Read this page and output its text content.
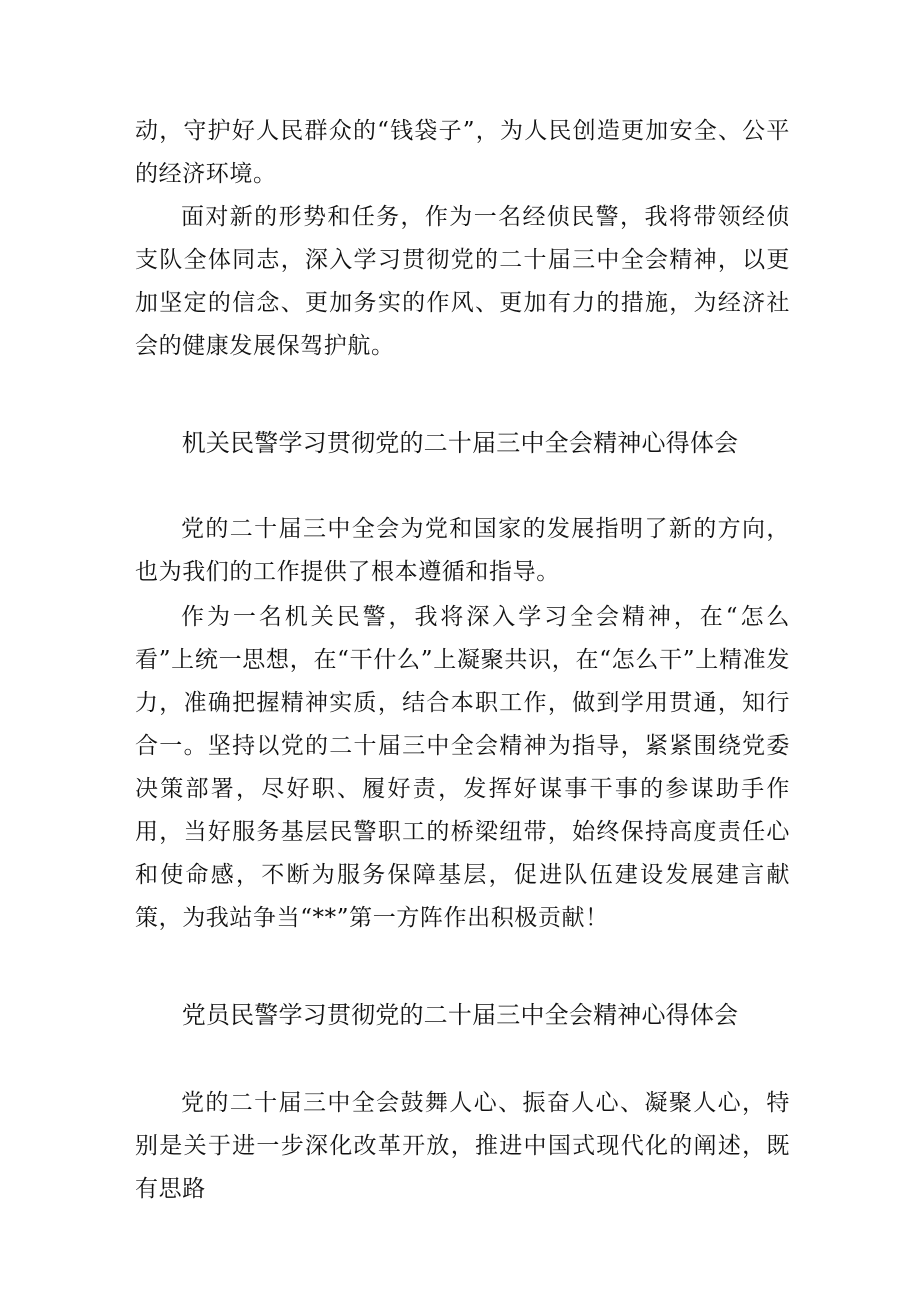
动，守护好人民群众的“钱袋子”，为人民创造更加安全、公平的经济环境。

面对新的形势和任务，作为一名经侦民警，我将带领经侦支队全体同志，深入学习贯彻党的二十届三中全会精神，以更加坚定的信念、更加务实的作风、更加有力的措施，为经济社会的健康发展保驾护航。

机关民警学习贯彻党的二十届三中全会精神心得体会

党的二十届三中全会为党和国家的发展指明了新的方向，也为我们的工作提供了根本遵循和指导。

作为一名机关民警，我将深入学习全会精神，在“怎么看”上统一思想，在“干什么”上凝聚共识，在“怎么干”上精准发力，准确把握精神实质，结合本职工作，做到学用贯通，知行合一。坚持以党的二十届三中全会精神为指导，紧紧围绕党委决策部署，尽好职、履好责，发挥好谋事干事的参谋助手作用，当好服务基层民警职工的桥梁纽带，始终保持高度责任心和使命感，不断为服务保障基层，促进队伍建设发展建言献策，为我站争当“**”第一方阵作出积极贡献！

党员民警学习贯彻党的二十届三中全会精神心得体会

党的二十届三中全会鼓舞人心、振奋人心、凝聚人心，特别是关于进一步深化改革开放，推进中国式现代化的阐述，既有思路
